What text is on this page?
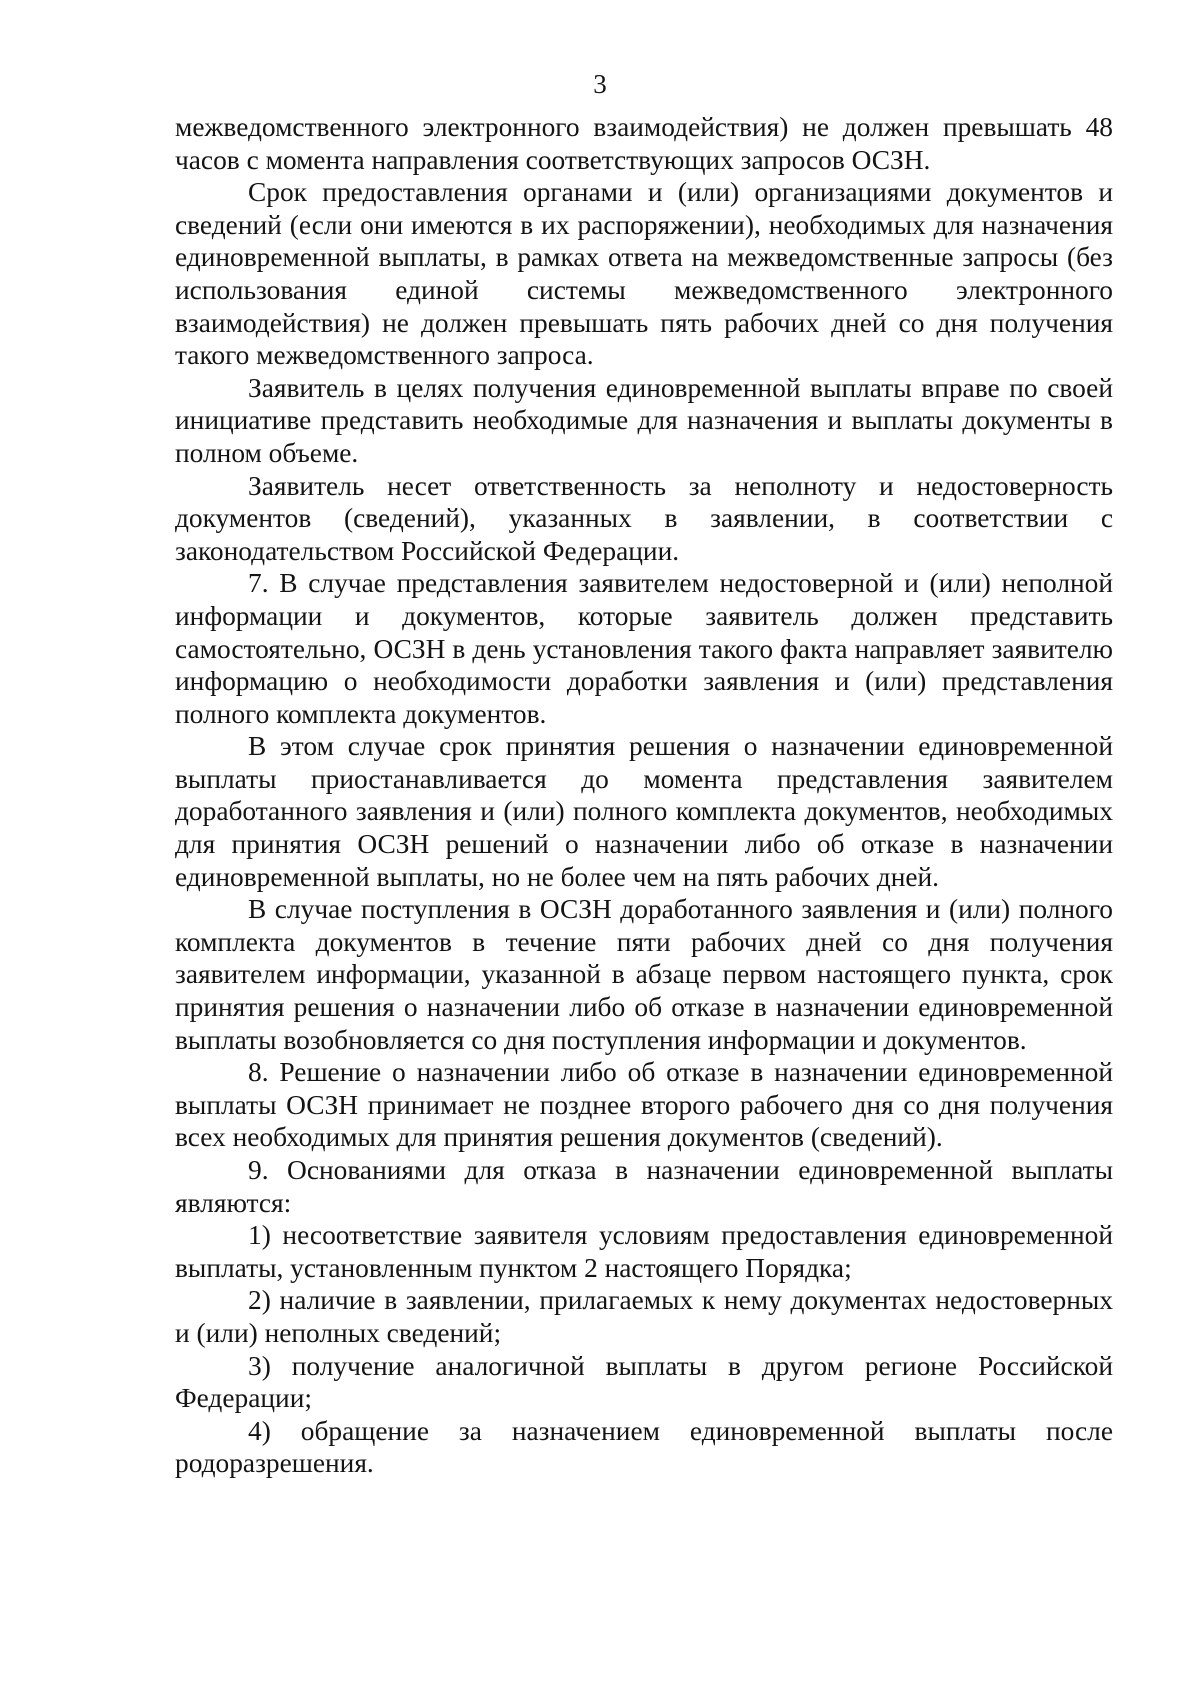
3

межведомственного электронного взаимодействия) не должен превышать 48 часов с момента направления соответствующих запросов ОСЗН.

Срок предоставления органами и (или) организациями документов и сведений (если они имеются в их распоряжении), необходимых для назначения единовременной выплаты, в рамках ответа на межведомственные запросы (без использования единой системы межведомственного электронного взаимодействия) не должен превышать пять рабочих дней со дня получения такого межведомственного запроса.

Заявитель в целях получения единовременной выплаты вправе по своей инициативе представить необходимые для назначения и выплаты документы в полном объеме.

Заявитель несет ответственность за неполноту и недостоверность документов (сведений), указанных в заявлении, в соответствии с законодательством Российской Федерации.

7. В случае представления заявителем недостоверной и (или) неполной информации и документов, которые заявитель должен представить самостоятельно, ОСЗН в день установления такого факта направляет заявителю информацию о необходимости доработки заявления и (или) представления полного комплекта документов.

В этом случае срок принятия решения о назначении единовременной выплаты приостанавливается до момента представления заявителем доработанного заявления и (или) полного комплекта документов, необходимых для принятия ОСЗН решений о назначении либо об отказе в назначении единовременной выплаты, но не более чем на пять рабочих дней.

В случае поступления в ОСЗН доработанного заявления и (или) полного комплекта документов в течение пяти рабочих дней со дня получения заявителем информации, указанной в абзаце первом настоящего пункта, срок принятия решения о назначении либо об отказе в назначении единовременной выплаты возобновляется со дня поступления информации и документов.

8. Решение о назначении либо об отказе в назначении единовременной выплаты ОСЗН принимает не позднее второго рабочего дня со дня получения всех необходимых для принятия решения документов (сведений).

9. Основаниями для отказа в назначении единовременной выплаты являются:

1) несоответствие заявителя условиям предоставления единовременной выплаты, установленным пунктом 2 настоящего Порядка;

2) наличие в заявлении, прилагаемых к нему документах недостоверных и (или) неполных сведений;

3) получение аналогичной выплаты в другом регионе Российской Федерации;

4) обращение за назначением единовременной выплаты после родоразрешения.
